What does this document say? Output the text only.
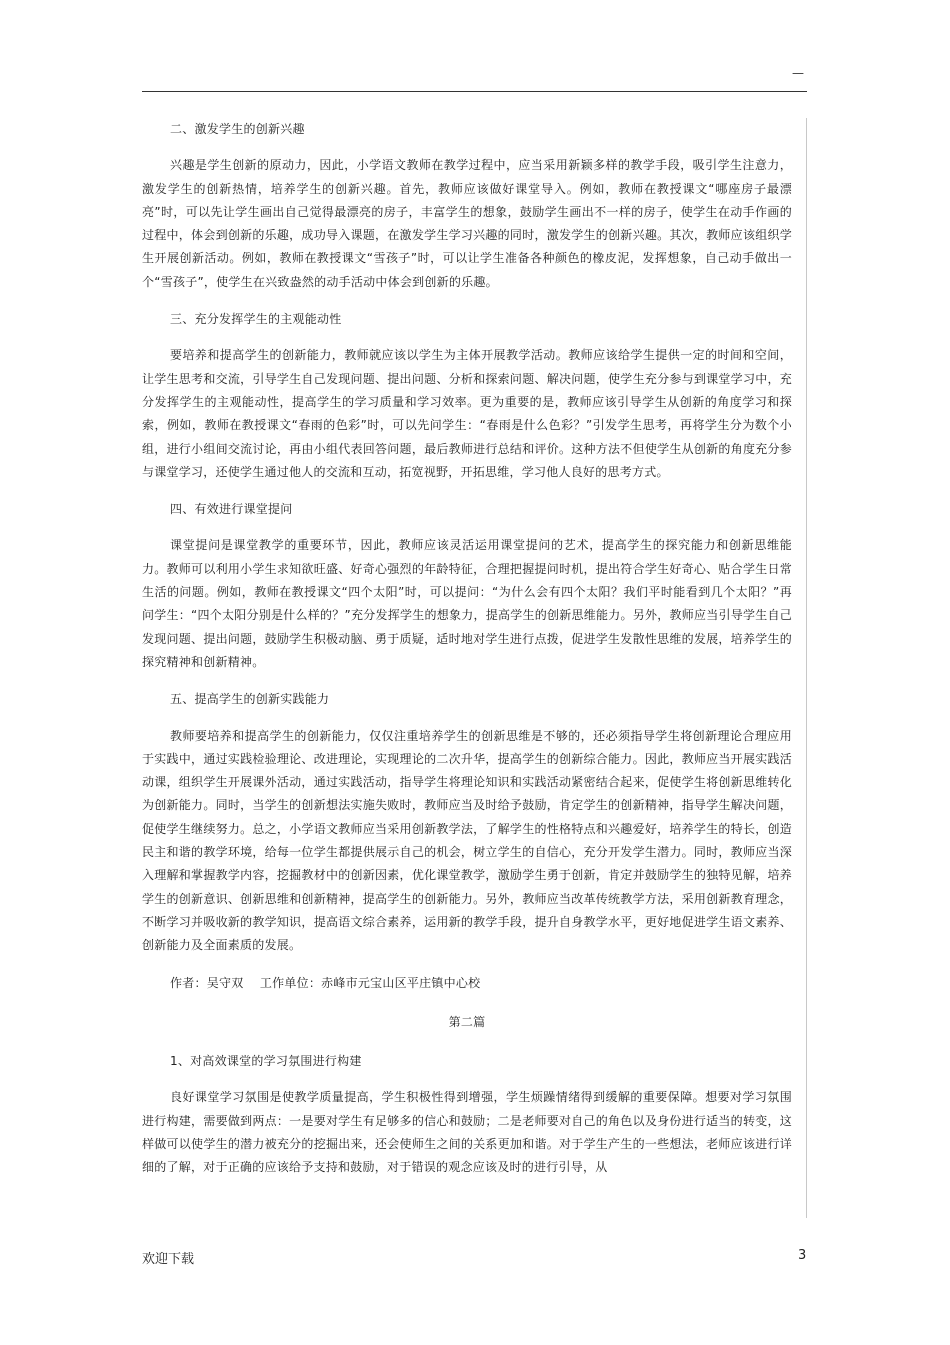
—

二、激发学生的创新兴趣

兴趣是学生创新的原动力，因此，小学语文教师在教学过程中，应当采用新颖多样的教学手段，吸引学生注意力，激发学生的创新热情，培养学生的创新兴趣。首先，教师应该做好课堂导入。例如，教师在教授课文“哪座房子最漂亮”时，可以先让学生画出自己觉得最漂亮的房子，丰富学生的想象，鼓励学生画出不一样的房子，使学生在动手作画的过程中，体会到创新的乐趣，成功导入课题，在激发学生学习兴趣的同时，激发学生的创新兴趣。其次，教师应该组织学生开展创新活动。例如，教师在教授课文“雪孩子”时，可以让学生准备各种颜色的橡皮泥，发挥想象，自己动手做出一个“雪孩子”，使学生在兴致盎然的动手活动中体会到创新的乐趣。

三、充分发挥学生的主观能动性

要培养和提高学生的创新能力，教师就应该以学生为主体开展教学活动。教师应该给学生提供一定的时间和空间，让学生思考和交流，引导学生自己发现问题、提出问题、分析和探索问题、解决问题，使学生充分参与到课堂学习中，充分发挥学生的主观能动性，提高学生的学习质量和学习效率。更为重要的是，教师应该引导学生从创新的角度学习和探索，例如，教师在教授课文“春雨的色彩”时，可以先问学生：“春雨是什么色彩？”引发学生思考，再将学生分为数个小组，进行小组间交流讨论，再由小组代表回答问题，最后教师进行总结和评价。这种方法不但使学生从创新的角度充分参与课堂学习，还使学生通过他人的交流和互动，拓宽视野，开拓思维，学习他人良好的思考方式。

四、有效进行课堂提问

课堂提问是课堂教学的重要环节，因此，教师应该灵活运用课堂提问的艺术，提高学生的探究能力和创新思维能力。教师可以利用小学生求知欲旺盛、好奇心强烈的年龄特征，合理把握提问时机，提出符合学生好奇心、贴合学生日常生活的问题。例如，教师在教授课文“四个太阳”时，可以提问：“为什么会有四个太阳？我们平时能看到几个太阳？”再问学生：“四个太阳分别是什么样的？”充分发挥学生的想象力，提高学生的创新思维能力。另外，教师应当引导学生自己发现问题、提出问题，鼓励学生积极动脑、勇于质疑，适时地对学生进行点拨，促进学生发散性思维的发展，培养学生的探究精神和创新精神。

五、提高学生的创新实践能力

教师要培养和提高学生的创新能力，仅仅注重培养学生的创新思维是不够的，还必须指导学生将创新理论合理应用于实践中，通过实践检验理论、改进理论，实现理论的二次升华，提高学生的创新综合能力。因此，教师应当开展实践活动课，组织学生开展课外活动，通过实践活动，指导学生将理论知识和实践活动紧密结合起来，促使学生将创新思维转化为创新能力。同时，当学生的创新想法实施失败时，教师应当及时给予鼓励，肯定学生的创新精神，指导学生解决问题，促使学生继续努力。总之，小学语文教师应当采用创新教学法，了解学生的性格特点和兴趣爱好，培养学生的特长，创造民主和谐的教学环境，给每一位学生都提供展示自己的机会，树立学生的自信心，充分开发学生潜力。同时，教师应当深入理解和掌握教学内容，挖掘教材中的创新因素，优化课堂教学，激励学生勇于创新，肯定并鼓励学生的独特见解，培养学生的创新意识、创新思维和创新精神，提高学生的创新能力。另外，教师应当改革传统教学方法，采用创新教育理念，不断学习并吸收新的教学知识，提高语文综合素养，运用新的教学手段，提升自身教学水平，更好地促进学生语文素养、创新能力及全面素质的发展。

作者：吴守双　 工作单位：赤峰市元宝山区平庄镇中心校

第二篇

1、对高效课堂的学习氛围进行构建

良好课堂学习氛围是使教学质量提高，学生积极性得到增强，学生烦躁情绪得到缓解的重要保障。想要对学习氛围进行构建，需要做到两点：一是要对学生有足够多的信心和鼓励；二是老师要对自己的角色以及身份进行适当的转变，这样做可以使学生的潜力被充分的挖掘出来，还会使师生之间的关系更加和谐。对于学生产生的一些想法，老师应该进行详细的了解，对于正确的应该给予支持和鼓励，对于错误的观念应该及时的进行引导，从

欢迎下载	3
